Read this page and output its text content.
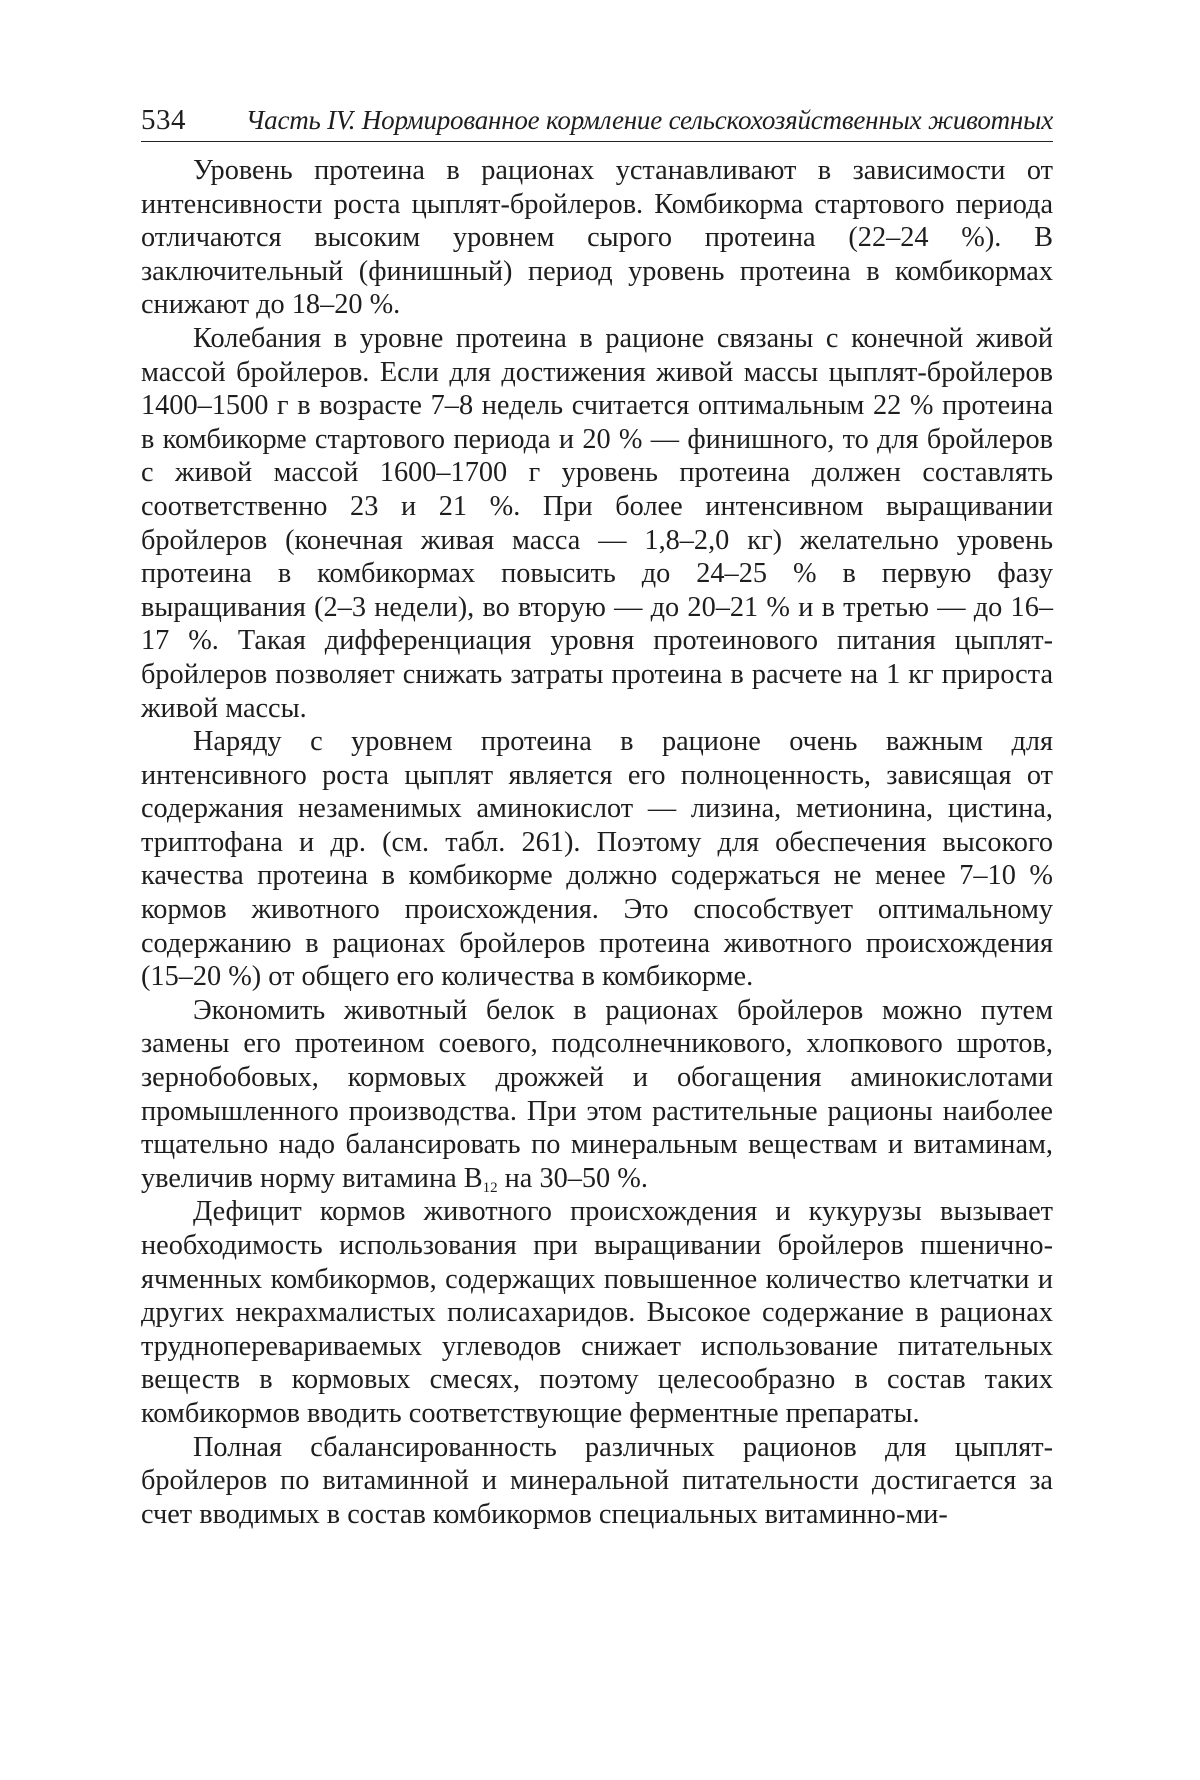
534 Часть IV. Нормированное кормление сельскохозяйственных животных

Уровень протеина в рационах устанавливают в зависимости от интенсивности роста цыплят-бройлеров. Комбикорма стартового периода отличаются высоким уровнем сырого протеина (22–24 %). В заключительный (финишный) период уровень протеина в комбикормах снижают до 18–20 %.

Колебания в уровне протеина в рационе связаны с конечной живой массой бройлеров. Если для достижения живой массы цыплят-бройлеров 1400–1500 г в возрасте 7–8 недель считается оптимальным 22 % протеина в комбикорме стартового периода и 20 % — финишного, то для бройлеров с живой массой 1600–1700 г уровень протеина должен составлять соответственно 23 и 21 %. При более интенсивном выращивании бройлеров (конечная живая масса — 1,8–2,0 кг) желательно уровень протеина в комбикормах повысить до 24–25 % в первую фазу выращивания (2–3 недели), во вторую — до 20–21 % и в третью — до 16–17 %. Такая дифференциация уровня протеинового питания цыплят-бройлеров позволяет снижать затраты протеина в расчете на 1 кг прироста живой массы.

Наряду с уровнем протеина в рационе очень важным для интенсивного роста цыплят является его полноценность, зависящая от содержания незаменимых аминокислот — лизина, метионина, цистина, триптофана и др. (см. табл. 261). Поэтому для обеспечения высокого качества протеина в комбикорме должно содержаться не менее 7–10 % кормов животного происхождения. Это способствует оптимальному содержанию в рационах бройлеров протеина животного происхождения (15–20 %) от общего его количества в комбикорме.

Экономить животный белок в рационах бройлеров можно путем замены его протеином соевого, подсолнечникового, хлопкового шротов, зернобобовых, кормовых дрожжей и обогащения аминокислотами промышленного производства. При этом растительные рационы наиболее тщательно надо балансировать по минеральным веществам и витаминам, увеличив норму витамина $B_{12}$ на 30–50 %.

Дефицит кормов животного происхождения и кукурузы вызывает необходимость использования при выращивании бройлеров пшенично-ячменных комбикормов, содержащих повышенное количество клетчатки и других некрахмалистых полисахаридов. Высокое содержание в рационах трудноперевариваемых углеводов снижает использование питательных веществ в кормовых смесях, поэтому целесообразно в состав таких комбикормов вводить соответствующие ферментные препараты.

Полная сбалансированность различных рационов для цыплят-бройлеров по витаминной и минеральной питательности достигается за счет вводимых в состав комбикормов специальных витаминно-ми-
